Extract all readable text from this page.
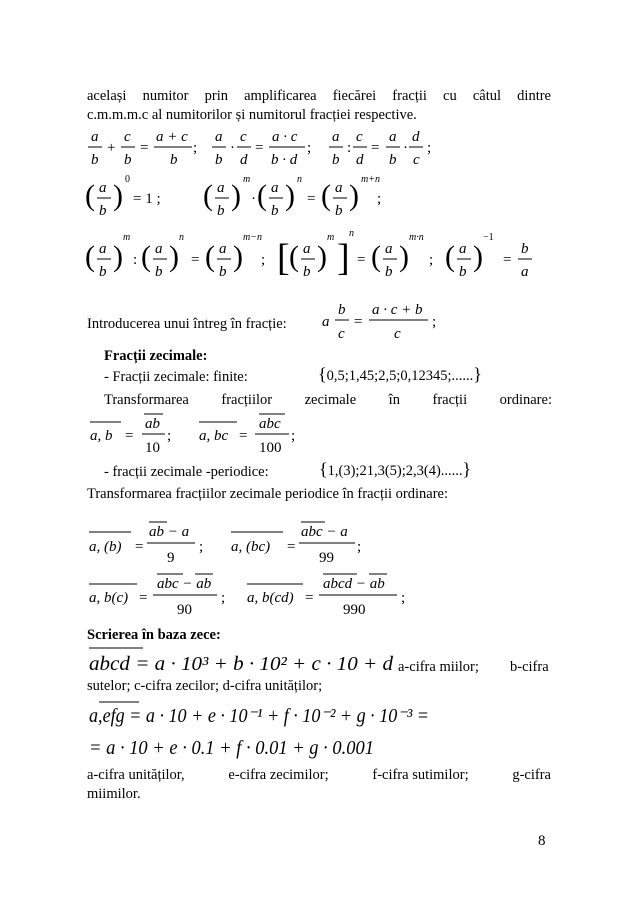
același numitor prin amplificarea fiecărei fracții cu câtul dintre
c.m.m.m.c al numitorilor și numitorul fracției respective.
a
b
+
c
b
=
a + c
b
;
a
b
·
c
d
=
a · c
b · d
;
a
b
:
c
d
=
a
b
·
d
c
;
( a
b ) 0
= 1 ; ( a
b ) m
· ( a
b ) n
= ( a
b ) m+n
;
( a
b )
m
: ( a
b )
n
= ( a
b )
m−n
; [ ( a
b )
m ]
n
= ( a
b )
m·n
; ( a
b )
−1
=
b
a
Introducerea unui întreg în fracție: a
b
c
=
a · c + b
c
;
Fracții zecimale:
- Fracții zecimale: finite:	{0,5;1,45;2,5;0,12345;......}
Transformarea fracțiilor zecimale în fracții ordinare:
a, b =
ab
10
; a, bc =
abc
100
;
- fracții zecimale -periodice:	{1,(3);21,3(5);2,3(4)......}
Transformarea fracțiilor zecimale periodice în fracții ordinare:
a, (b) =
ab − a
9
; a, (bc) =
abc − a
99
;
a, b(c) =
abc − ab
90
; a, b(cd) =
abcd − ab
990
;
Scrierea în baza zece:
abcd = a · 10³ + b · 10² + c · 10 + d a-cifra miilor; b-cifra
sutelor; c-cifra zecilor; d-cifra unităților;
a,efg = a · 10 + e · 10⁻¹ + f · 10⁻² + g · 10⁻³ =
= a · 10 + e · 0.1 + f · 0.01 + g · 0.001
a-cifra unităților,	e-cifra zecimilor;	f-cifra sutimilor;	g-cifra
miimilor.
8
